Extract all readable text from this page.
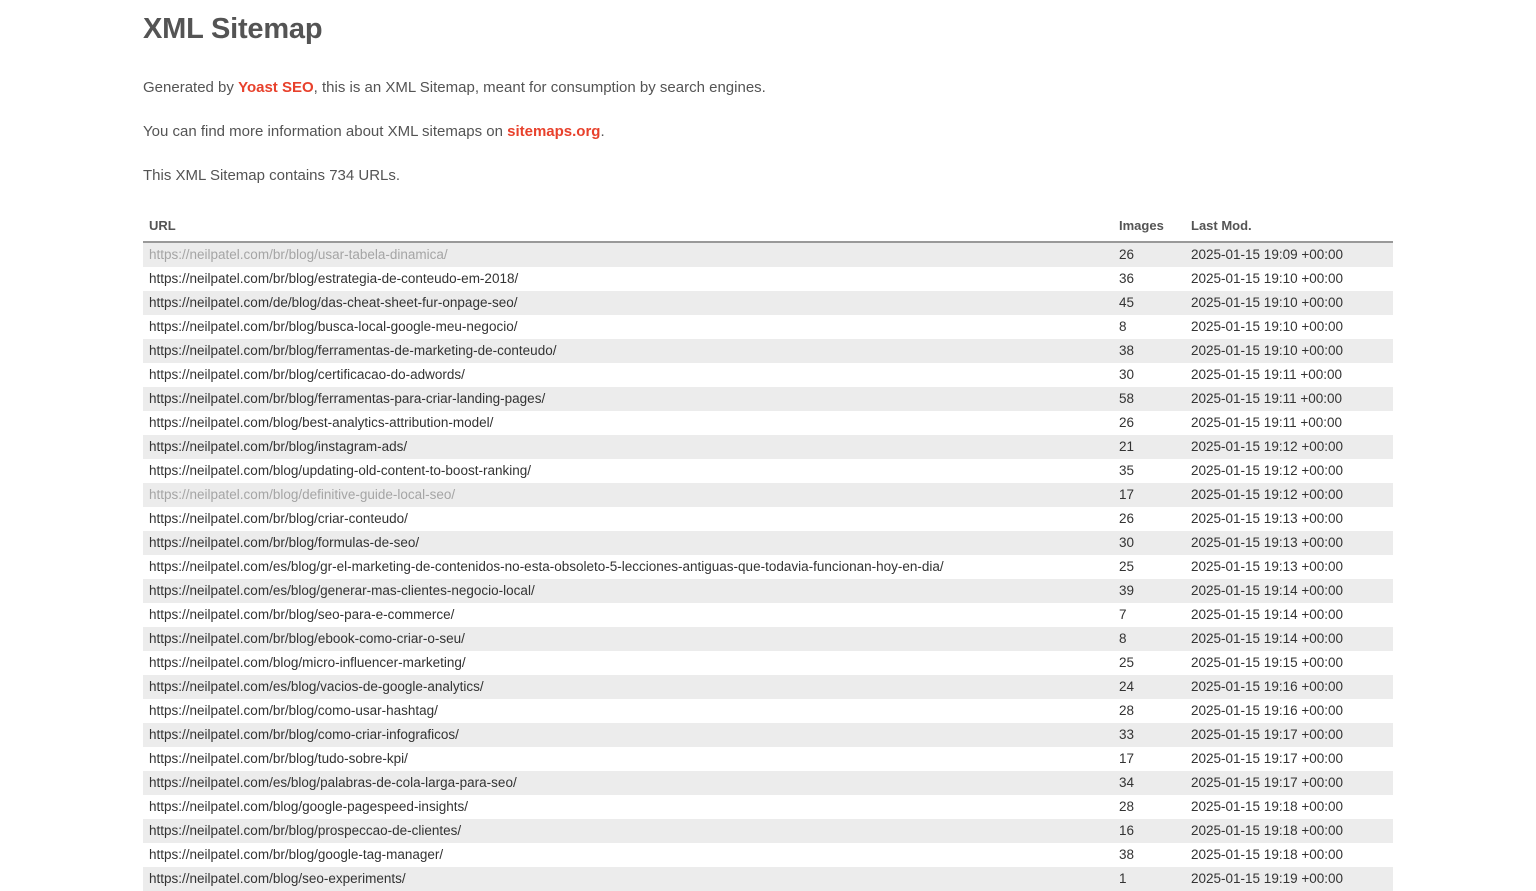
XML Sitemap

Generated by Yoast SEO, this is an XML Sitemap, meant for consumption by search engines.

You can find more information about XML sitemaps on sitemaps.org.

This XML Sitemap contains 734 URLs.

URL	Images	Last Mod.
https://neilpatel.com/br/blog/usar-tabela-dinamica/	26	2025-01-15 19:09 +00:00
https://neilpatel.com/br/blog/estrategia-de-conteudo-em-2018/	36	2025-01-15 19:10 +00:00
https://neilpatel.com/de/blog/das-cheat-sheet-fur-onpage-seo/	45	2025-01-15 19:10 +00:00
https://neilpatel.com/br/blog/busca-local-google-meu-negocio/	8	2025-01-15 19:10 +00:00
https://neilpatel.com/br/blog/ferramentas-de-marketing-de-conteudo/	38	2025-01-15 19:10 +00:00
https://neilpatel.com/br/blog/certificacao-do-adwords/	30	2025-01-15 19:11 +00:00
https://neilpatel.com/br/blog/ferramentas-para-criar-landing-pages/	58	2025-01-15 19:11 +00:00
https://neilpatel.com/blog/best-analytics-attribution-model/	26	2025-01-15 19:11 +00:00
https://neilpatel.com/br/blog/instagram-ads/	21	2025-01-15 19:12 +00:00
https://neilpatel.com/blog/updating-old-content-to-boost-ranking/	35	2025-01-15 19:12 +00:00
https://neilpatel.com/blog/definitive-guide-local-seo/	17	2025-01-15 19:12 +00:00
https://neilpatel.com/br/blog/criar-conteudo/	26	2025-01-15 19:13 +00:00
https://neilpatel.com/br/blog/formulas-de-seo/	30	2025-01-15 19:13 +00:00
https://neilpatel.com/es/blog/gr-el-marketing-de-contenidos-no-esta-obsoleto-5-lecciones-antiguas-que-todavia-funcionan-hoy-en-dia/	25	2025-01-15 19:13 +00:00
https://neilpatel.com/es/blog/generar-mas-clientes-negocio-local/	39	2025-01-15 19:14 +00:00
https://neilpatel.com/br/blog/seo-para-e-commerce/	7	2025-01-15 19:14 +00:00
https://neilpatel.com/br/blog/ebook-como-criar-o-seu/	8	2025-01-15 19:14 +00:00
https://neilpatel.com/blog/micro-influencer-marketing/	25	2025-01-15 19:15 +00:00
https://neilpatel.com/es/blog/vacios-de-google-analytics/	24	2025-01-15 19:16 +00:00
https://neilpatel.com/br/blog/como-usar-hashtag/	28	2025-01-15 19:16 +00:00
https://neilpatel.com/br/blog/como-criar-infograficos/	33	2025-01-15 19:17 +00:00
https://neilpatel.com/br/blog/tudo-sobre-kpi/	17	2025-01-15 19:17 +00:00
https://neilpatel.com/es/blog/palabras-de-cola-larga-para-seo/	34	2025-01-15 19:17 +00:00
https://neilpatel.com/blog/google-pagespeed-insights/	28	2025-01-15 19:18 +00:00
https://neilpatel.com/br/blog/prospeccao-de-clientes/	16	2025-01-15 19:18 +00:00
https://neilpatel.com/br/blog/google-tag-manager/	38	2025-01-15 19:18 +00:00
https://neilpatel.com/blog/seo-experiments/	1	2025-01-15 19:19 +00:00
